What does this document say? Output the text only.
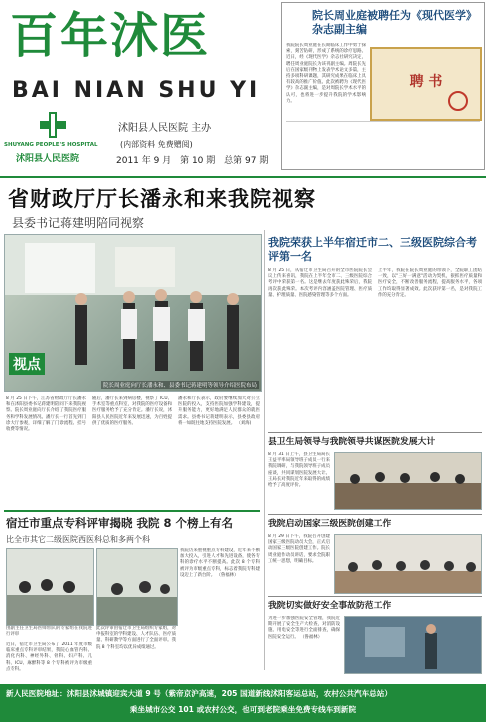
百年沭医
BAI NIAN SHU YI
SHUYANG PEOPLE'S HOSPITAL
沭阳县人民医院
沭阳县人民医院 主办
(内部资料 免费赠阅)
2011 年 9 月 第 10 期 总第 97 期
院长周业庭被聘任为《现代医学》杂志副主编
我院院长周业庭在长期临床工作中勇于探索，刻苦钻研，形成了系统的诊疗思路。近日，经《现代医学》杂志社研究决定，聘任周业庭院长为该刊副主编。周院长先后在国家级刊物上发表学术论文多篇，主持多项科研课题，其研究成果在临床上具有较高的推广价值。此次被聘为《现代医学》杂志副主编，是对周院长学术水平的认可，也将进一步提升我院的学术影响力。
聘 书
省财政厅厅长潘永和来我院视察
县委书记蒋建明陪同视察
视点
院长周业庭向厅长潘永和、县委书记蒋建明等领导介绍医院布局
8 月 25 日下午，江苏省财政厅厅长潘永和在沭阳县委书记蒋建明陪同下来我院视察。院长周业庭向厅长介绍了我院医疗服务和学科发展情况。潘厅长一行首先到门诊大厅参观，详细了解了门诊流程、挂号收费等情况。
随后，潘厅长来到病房楼，视察了 ICU、手术室等重点科室，对我院的医疗设备和医疗服务给予了充分肯定。潘厅长说，沭阳县人民医院近年来发展迅速，为百姓提供了优质的医疗服务。
潘永和厅长表示，政府要继续加大对公立医院的投入，支持医院加强学科建设，提升服务能力，更好地满足人民群众的就医需求。县委书记蒋建明表示，县委县政府将一如既往地支持医院发展。 （刘海)
我院荣获上半年宿迁市二、三级医院综合考评第一名
8 月 25 日，从宿迁市卫生局召开的全市医院院长会议上传来喜讯，我院在上半年全市二、三级医院综合考评中荣获第一名。这是继去年度获此殊荣后，我院再次获此殊荣。本次考评内容涵盖医院管理、医疗质量、护理质量、医院感染管理等多个方面。
上半年，我院在院长周业庭的带领下，全院职工团结一致，以"三好一满意"活动为契机，狠抓医疗质量和医疗安全，不断改善服务流程，提高服务水平，各项工作均取得显著成效。此次获评第一名，是对我院工作的充分肯定。
县卫生局领导与我院领导共谋医院发展大计
8 月 31 日上午，县卫生局局长王益平率局领导班子成员一行来我院调研，与我院领导班子成员座谈，共同谋划医院发展大计。王局长对我院近年来取得的成绩给予了高度评价。
我院启动国家三级医院创建工作
8 月 29 日下午，我院召开创建国家三级医院动员大会，正式启动国家三级医院创建工作。院长周业庭作动员讲话，要求全院职工统一思想，明确目标。
我院切实做好安全事故防范工作
为进一步加强医院安全管理，我院近期开展了安全生产大检查，对消防设施、用电安全等进行全面排查，确保医院安全运行。 （鲁福林）
宿迁市重点专科评审揭晓 我院 8 个榜上有名
比全市其它二级医院西医科总和多两个科
由副主任卫生局医师带队的专家组在我院进行评审
近日，宿迁市卫生局公布了 2011 年度市级临床重点专科评审结果，我院心血管内科、消化内科、神经外科、骨科、妇产科、儿科、ICU、麻醉科等 8 个专科被评为市级重点专科。
此次评审由宿迁市卫生局组织专家组，对申报科室的学科建设、人才队伍、医疗质量、科研教学等方面进行了全面评审。我院 8 个科室均以优异成绩通过。
我院历来重视重点专科建设，近年来不断加大投入，引进人才和先进设备，使各专科的诊疗水平不断提高。此次 8 个专科被评为市级重点专科，标志着我院专科建设迈上了新台阶。 （鲁福林）
新人民医院地址：沭阳县沭城镇迎宾大道 9 号（紫帝京沪高速，205 国道新线沭阳客运总站，农村公共汽车总站）
乘坐城市公交 101 或农村公交，也可到老院乘坐免费专线车到新院
